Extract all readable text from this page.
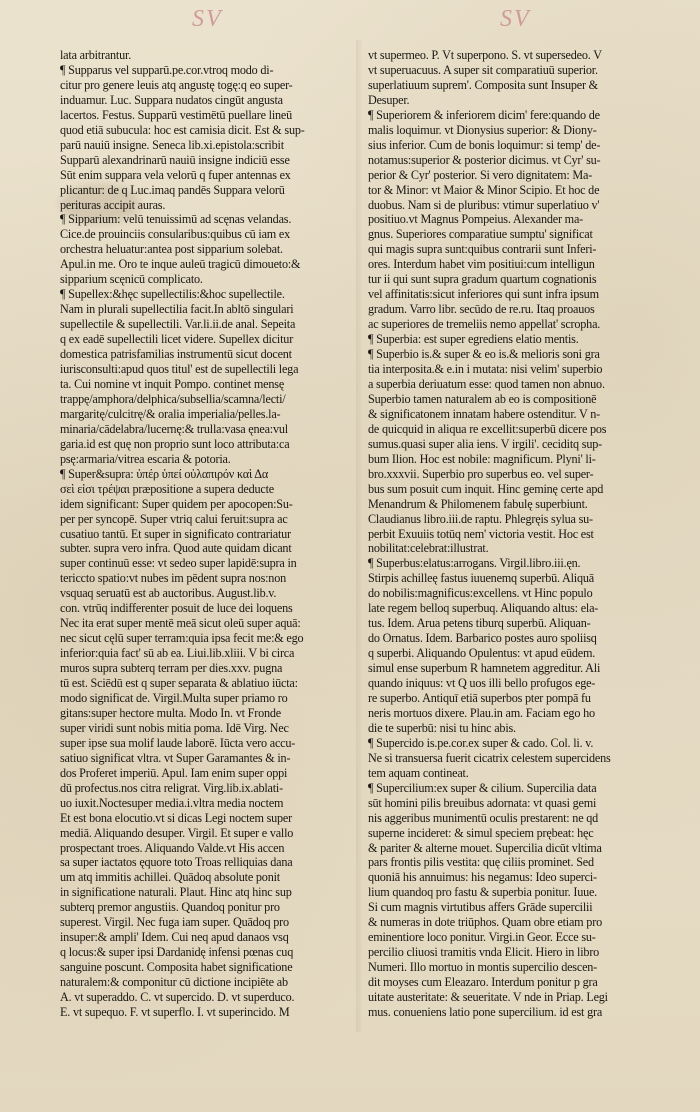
SV	SV
lata arbitrantur.
¶ Supparus vel supparū.pe.cor.vtroq modo di-
citur pro genere leuis atq angustę togę:q eo super-
induamur. Luc. Suppara nudatos cingūt angusta
lacertos. Festus. Supparū vestimētū puellare lineū
quod etiā subucula: hoc est camisia dicit. Est & sup-
parū nauiū insigne. Seneca lib.xi.epistola:scribit
Supparū alexandrinarū nauiū insigne indiciū esse
Sūt enim suppara vela velorū q fuper antennas ex
plicantur: de q Luc.imaq pandēs Suppara velorū
perituras accipit auras.
¶ Sipparium: velū tenuissimū ad scęnas velandas.
Cice.de prouinciis consularibus:quibus cū iam ex
orchestra heluatur:antea post sipparium solebat.
Apul.in me. Oro te inque auleū tragicū dimoueto:&
sipparium scęnicū complicato.
¶ Supellex:&hęc supellectilis:&hoc supellectile.
Nam in plurali supellectilia facit.In abltō singulari
supellectile & supellectili. Var.li.ii.de anal. Sepeita
q ex eadē supellectili licet videre. Supellex dicitur
domestica patrisfamilias instrumentū sicut docent
iurisconsulti:apud quos titul' est de supellectili lega
ta. Cui nomine vt inquit Pompo. continet mensę
trappę/amphora/delphica/subsellia/scamna/lecti/
margaritę/culcitrę/& oralia imperialia/pelles.la-
minaria/cādelabra/lucernę:& trulla:vasa ęnea:vul
garia.id est quę non proprio sunt loco attributa:ca
psę:armaria/vitrea escaria & potoria.
¶ Super&supra: ὑπέρ ὑπεί οὐλαπιρόν καὶ Δα
σεὶ εἰσι τρέψαι præpositione a supera deducte
idem significant: Super quidem per apocopen:Su-
per per syncopē. Super vtriq calui feruit:supra ac
cusatiuo tantū. Et super in significato contrariatur
subter. supra vero infra. Quod aute quidam dicant
super continuū esse: vt sedeo super lapidē:supra in
tericcto spatio:vt nubes im pēdent supra nos:non
vsquaq seruatū est ab auctoribus. August.lib.v.
con. vtrūq indifferenter posuit de luce dei loquens
Nec ita erat super mentē meā sicut oleū super aquā:
nec sicut cęlū super terram:quia ipsa fecit me:& ego
inferior:quia fact' sū ab ea. Liui.lib.xliii. V bi circa
muros supra subterq terram per dies.xxv. pugna
tū est. Sciēdū est q super separata & ablatiuo iūcta:
modo significat de. Virgil.Multa super priamo ro
gitans:super hectore multa. Modo In. vt Fronde
super viridi sunt nobis mitia poma. Idē Virg. Nec
super ipse sua molif laude laborē. Iūcta vero accu-
satiuo significat vltra. vt Super Garamantes & in-
dos Proferet imperiū. Apul. Iam enim super oppi
dū profectus.nos citra religrat. Virg.lib.ix.ablati-
uo iuxit.Noctesuper media.i.vltra media noctem
Et est bona elocutio.vt si dicas Legi noctem super
mediā. Aliquando desuper. Virgil. Et super e vallo
prospectant troes. Aliquando Valde.vt His accen
sa super iactatos ęquore toto Troas relliquias dana
um atq immitis achillei. Quādoq absolute ponit
in significatione naturali. Plaut. Hinc atq hinc sup
subterq premor angustiis. Quandoq ponitur pro
superest. Virgil. Nec fuga iam super. Quādoq pro
insuper:& ampli' Idem. Cui neq apud danaos vsq
q locus:& super ipsi Dardanidę infensi pœnas cuq
sanguine poscunt. Composita habet significatione
naturalem:& componitur cū dictione incipiēte ab
A. vt superaddo. C. vt supercido. D. vt superduco.
E. vt supequo. F. vt superflo. I. vt superincido. M
vt supermeo. P. Vt superpono. S. vt supersedeo. V
vt superuacuus. A super sit comparatiuū superior.
superlatiuum suprem'. Composita sunt Insuper &
Desuper.
¶ Superiorem & inferiorem dicim' fere:quando de
malis loquimur. vt Dionysius superior: & Diony-
sius inferior. Cum de bonis loquimur: si temp' de-
notamus:superior & posterior dicimus. vt Cyr' su-
perior & Cyr' posterior. Si vero dignitatem: Ma-
tor & Minor: vt Maior & Minor Scipio. Et hoc de
duobus. Nam si de pluribus: vtimur superlatiuo v'
positiuo.vt Magnus Pompeius. Alexander ma-
gnus. Superiores comparatiue sumptu' significat
qui magis supra sunt:quibus contrarii sunt Inferi-
ores. Interdum habet vim positiui:cum intelligun
tur ii qui sunt supra gradum quartum cognationis
vel affinitatis:sicut inferiores qui sunt infra ipsum
gradum. Varro libr. secūdo de re.ru. Itaq proauos
ac superiores de tremeliis nemo appellat' scropha.
¶ Superbia: est super egrediens elatio mentis.
¶ Superbio is.& super & eo is.& melioris soni gra
tia interposita.& e.in i mutata: nisi velim' superbio
a superbia deriuatum esse: quod tamen non abnuo.
Superbio tamen naturalem ab eo is compositionē
& significatonem innatam habere ostenditur. V n-
de quicquid in aliqua re excellit:superbū dicere pos
sumus.quasi super alia iens. V irgili'. ceciditq sup-
bum Ilion. Hoc est nobile: magnificum. Plyni' li-
bro.xxxvii. Superbio pro superbus eo. vel super-
bus sum posuit cum inquit. Hinc geminę certe apd
Menandrum & Philomenem fabulę superbiunt.
Claudianus libro.iii.de raptu. Phlegręis sylua su-
perbit Exuuiis totūq nem' victoria vestit. Hoc est
nobilitat:celebrat:illustrat.
¶ Superbus:elatus:arrogans. Virgil.libro.iii.ęn.
Stirpis achilleę fastus iuuenemq superbū. Aliquā
do nobilis:magnificus:excellens. vt Hinc populo
late regem belloq superbuq. Aliquando altus: ela-
tus. Idem. Arua petens tiburq superbū. Aliquan-
do Ornatus. Idem. Barbarico postes auro spoliisq
q superbi. Aliquando Opulentus: vt apud eūdem.
simul ense superbum R hamnetem aggreditur. Ali
quando iniquus: vt Q uos illi bello profugos ege-
re superbo. Antiquī etiā superbos pter pompā fu
neris mortuos dixere. Plau.in am. Faciam ego ho
die te superbū: nisi tu hinc abis.
¶ Supercido is.pe.cor.ex super & cado. Col. li. v.
Ne si transuersa fuerit cicatrix celestem supercidens
tem aquam contineat.
¶ Supercilium:ex super & cilium. Supercilia data
sūt homini pilis breuibus adornata: vt quasi gemi
nis aggeribus munimentū oculis prestarent: ne qd
superne incideret: & simul speciem prębeat: hęc
& pariter & alterne mouet. Supercilia dicūt vltima
pars frontis pilis vestita: quę ciliis prominet. Sed
quoniā his annuimus: his negamus: Ideo superci-
lium quandoq pro fastu & superbia ponitur. Iuue.
Si cum magnis virtutibus affers Grāde supercilii
& numeras in dote triūphos. Quam obre etiam pro
eminentiore loco ponitur. Virgi.in Geor. Ecce su-
percilio cliuosi tramitis vnda Elicit. Hiero in libro
Numeri. Illo mortuo in montis supercilio descen-
dit moyses cum Eleazaro. Interdum ponitur p gra
uitate austeritate: & seueritate. V nde in Priap. Legi
mus. conueniens latio pone supercilium. id est gra
